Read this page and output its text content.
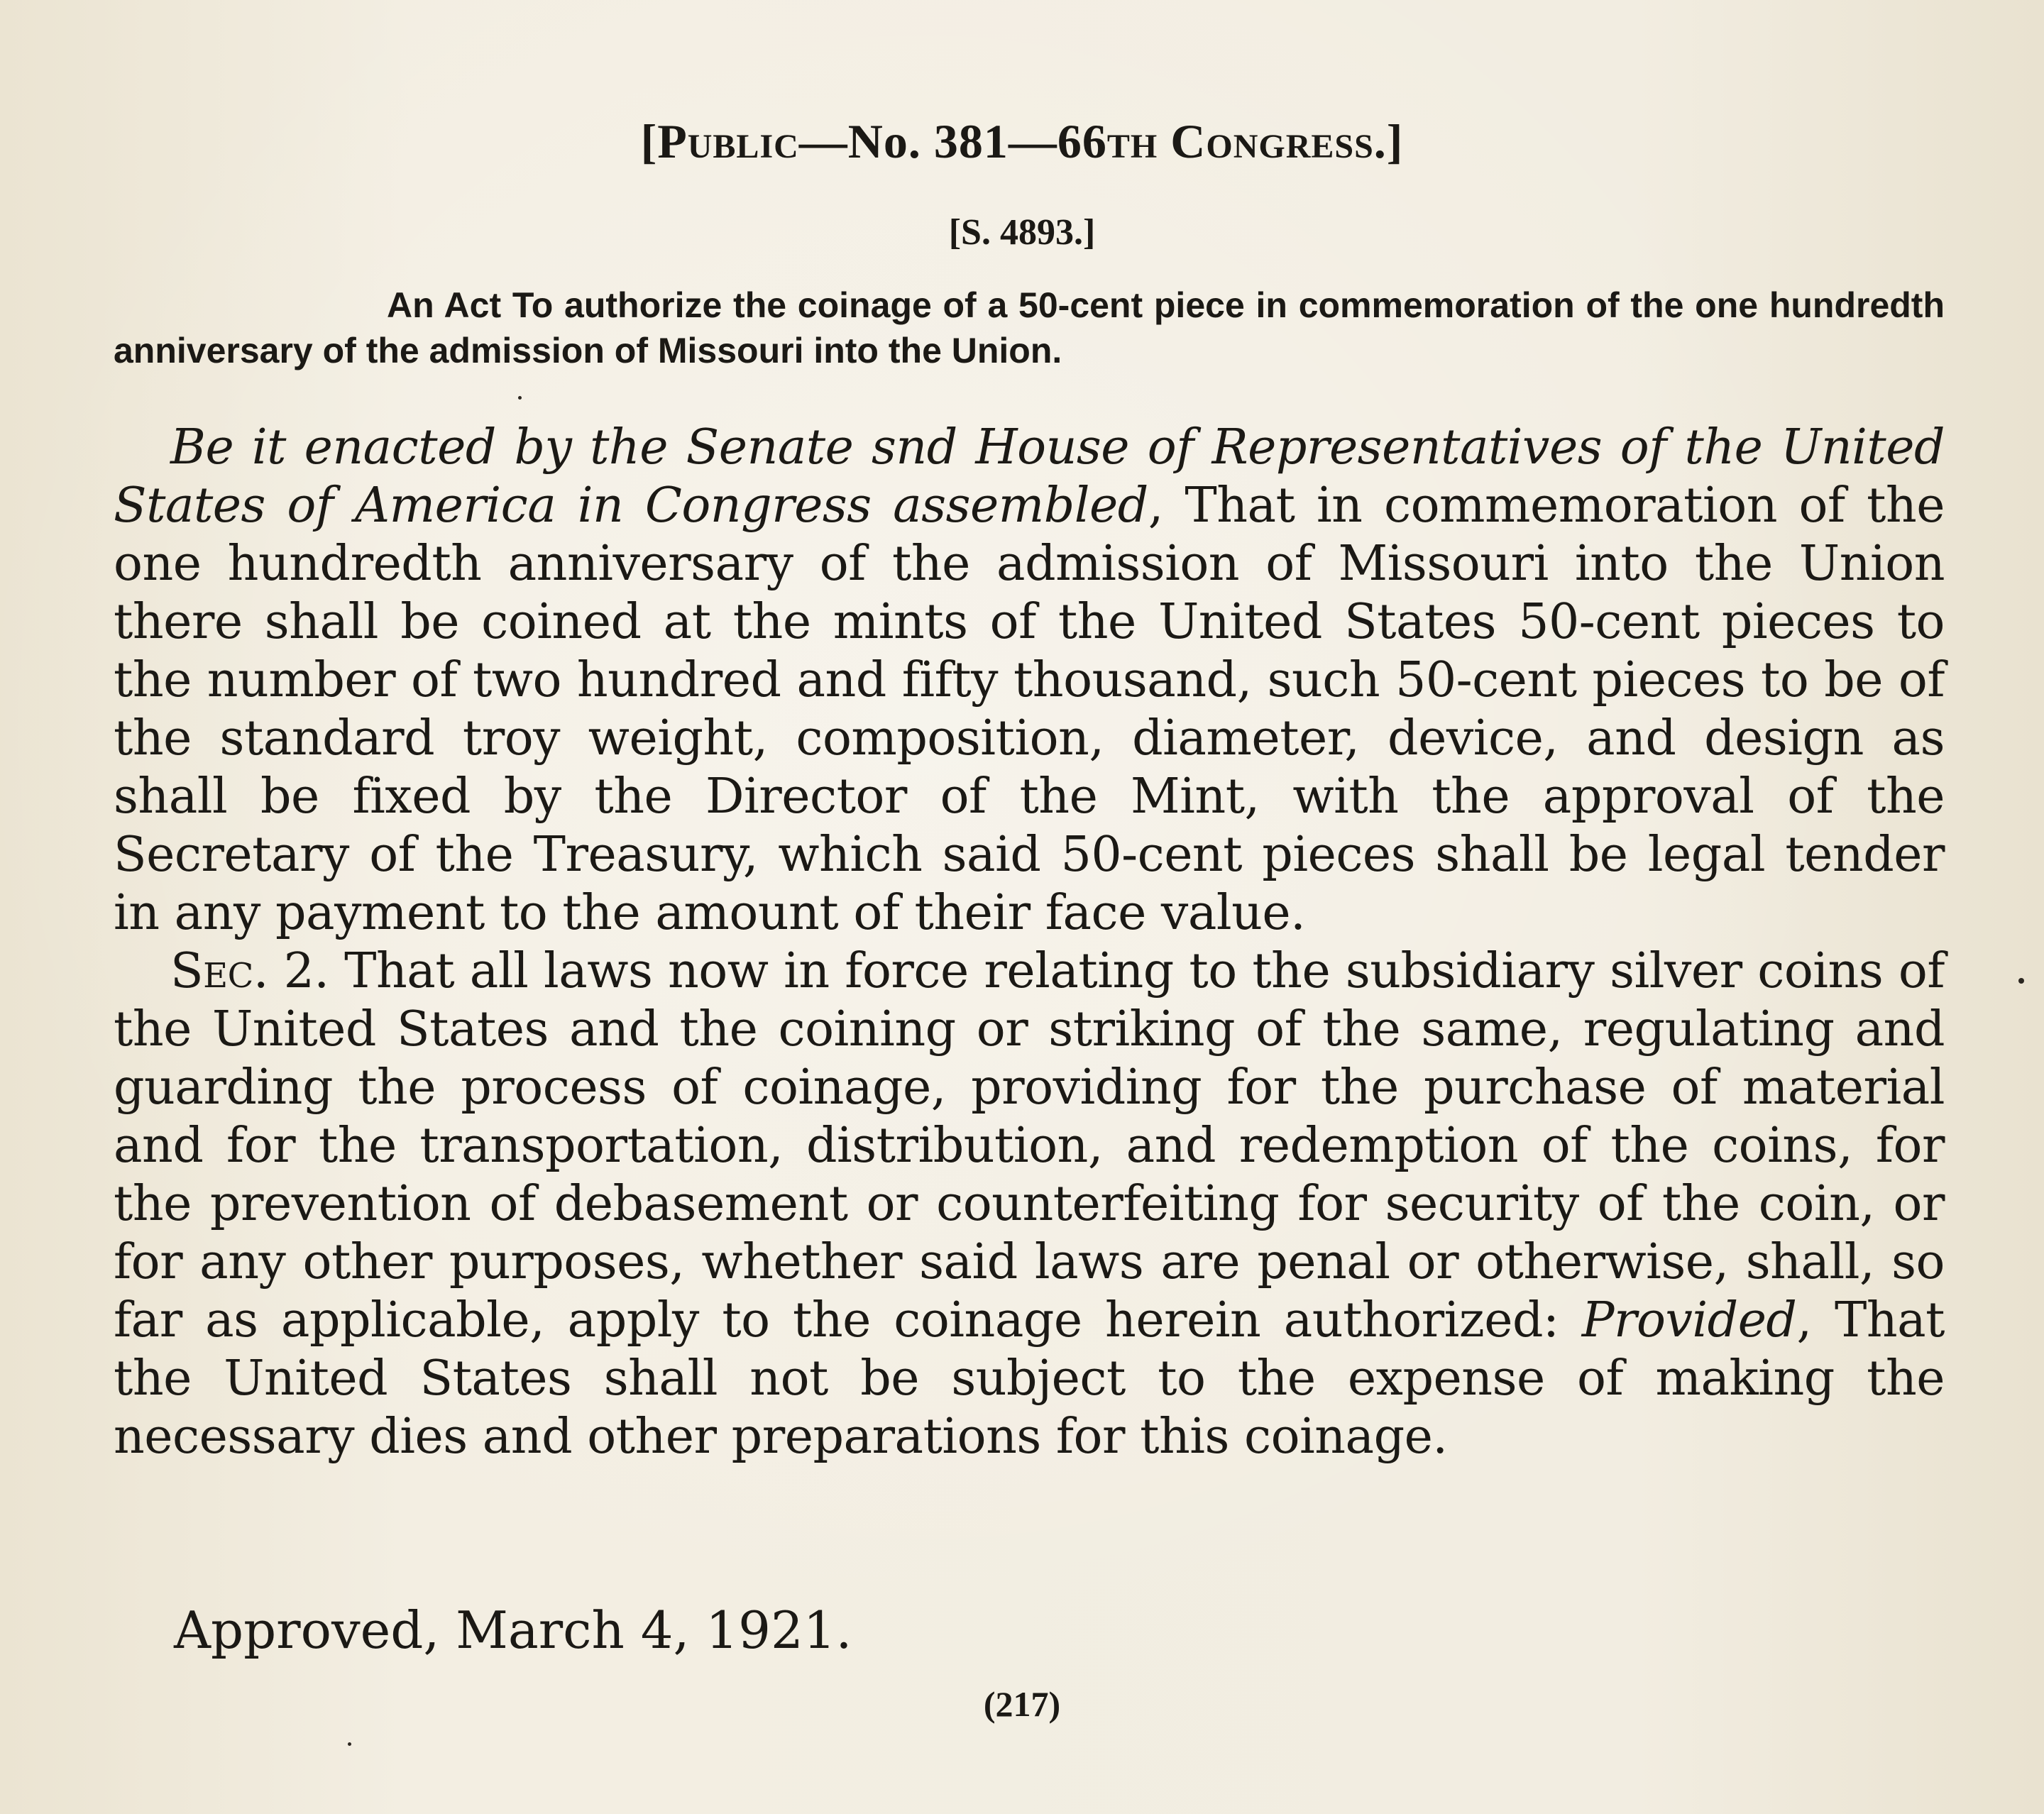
[Public—No. 381—66th Congress.]
[S. 4893.]
An Act To authorize the coinage of a 50-cent piece in commemoration of the one hundredth anniversary of the admission of Missouri into the Union.

Be it enacted by the Senate snd House of Representatives of the United States of America in Congress assembled, That in commemoration of the one hundredth anniversary of the admission of Missouri into the Union there shall be coined at the mints of the United States 50-cent pieces to the number of two hundred and fifty thousand, such 50-cent pieces to be of the standard troy weight, composition, diameter, device, and design as shall be fixed by the Director of the Mint, with the approval of the Secretary of the Treasury, which said 50-cent pieces shall be legal tender in any payment to the amount of their face value.

Sec. 2. That all laws now in force relating to the subsidiary silver coins of the United States and the coining or striking of the same, regulating and guarding the process of coinage, providing for the purchase of material and for the transportation, distribution, and redemption of the coins, for the prevention of debasement or counterfeiting for security of the coin, or for any other purposes, whether said laws are penal or otherwise, shall, so far as applicable, apply to the coinage herein authorized: Provided, That the United States shall not be subject to the expense of making the necessary dies and other preparations for this coinage.

Approved, March 4, 1921.
(217)
